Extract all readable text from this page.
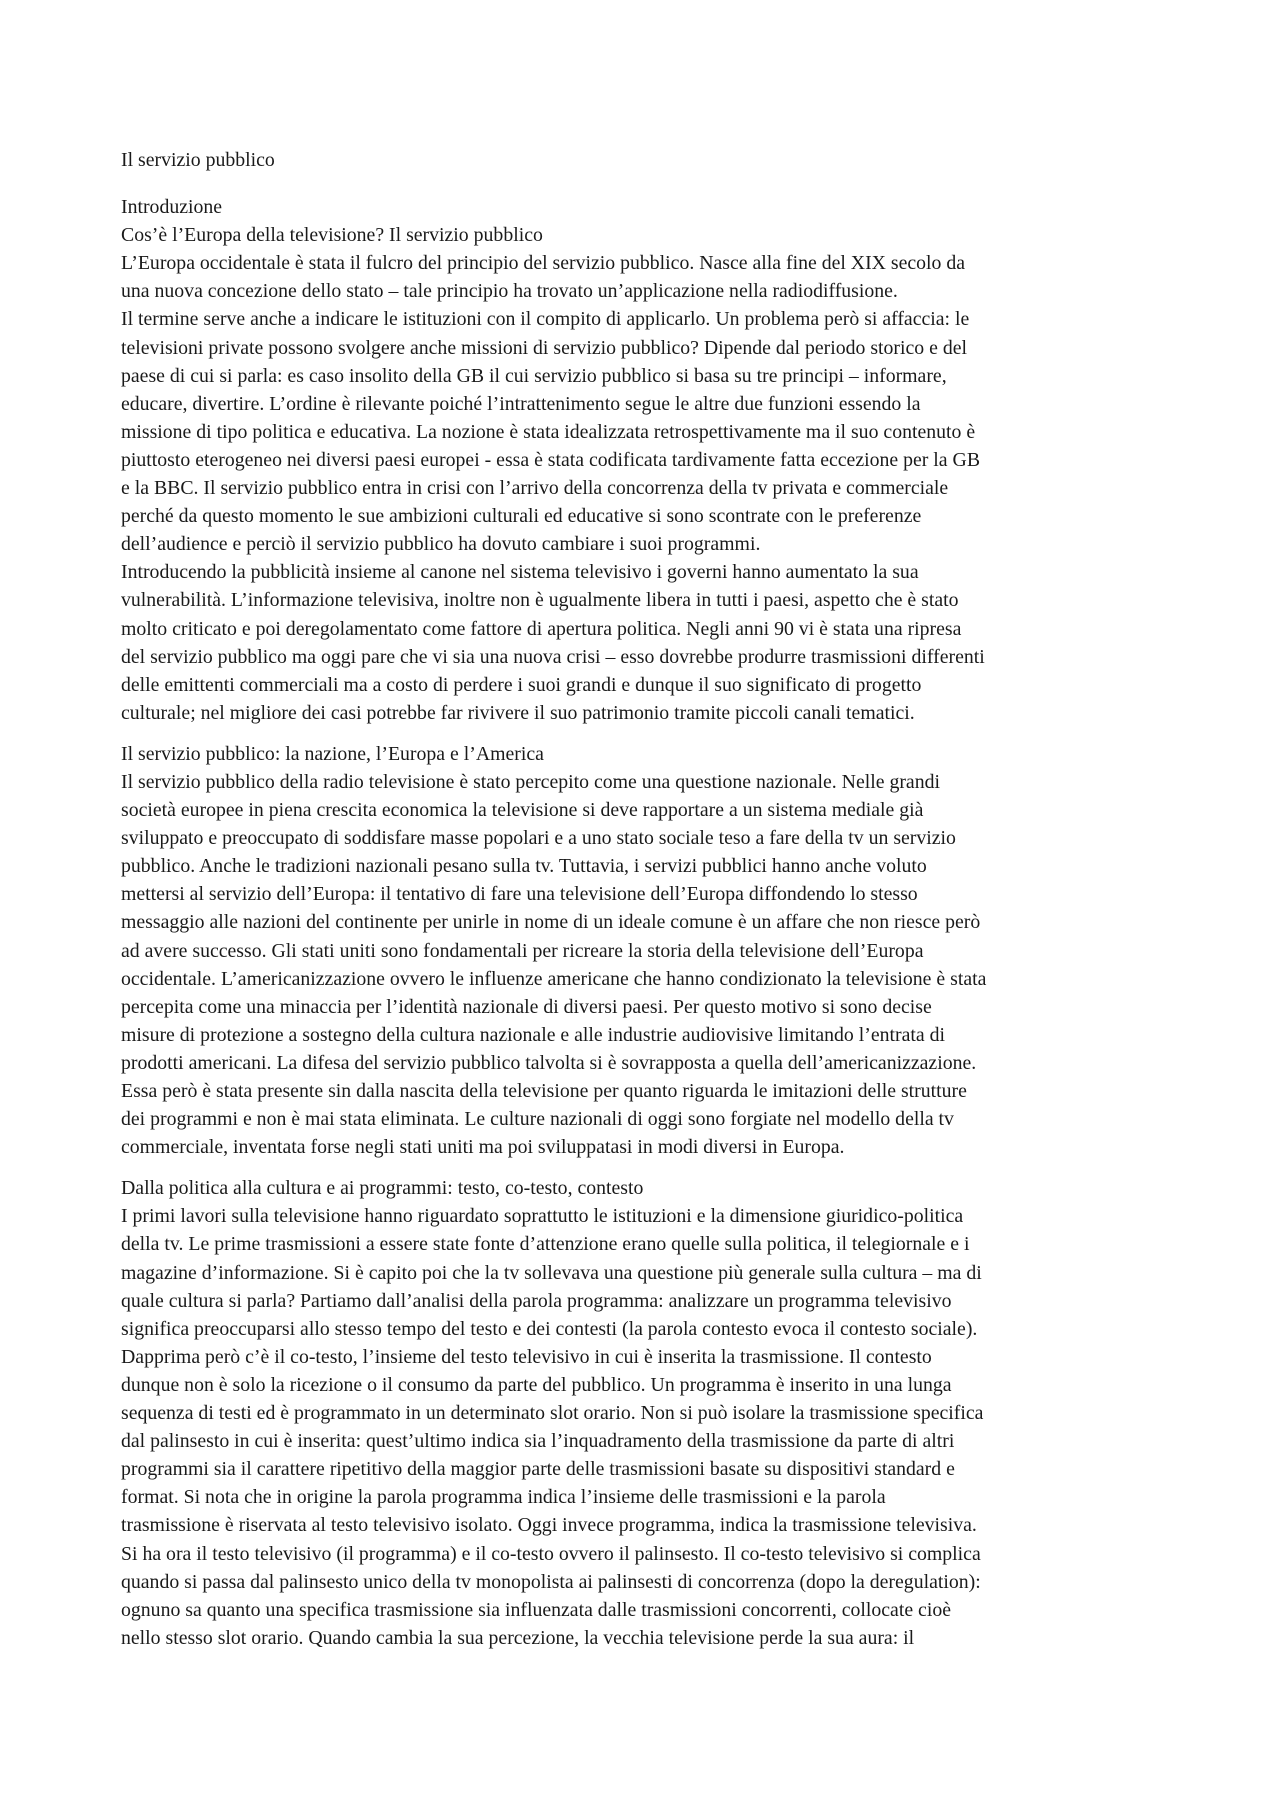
Il servizio pubblico
Introduzione
Cos’è l’Europa della televisione? Il servizio pubblico

L’Europa occidentale è stata il fulcro del principio del servizio pubblico. Nasce alla fine del XIX secolo da
una nuova concezione dello stato – tale principio ha trovato un’applicazione nella radiodiffusione.

Il termine serve anche a indicare le istituzioni con il compito di applicarlo. Un problema però si affaccia: le
televisioni private possono svolgere anche missioni di servizio pubblico? Dipende dal periodo storico e del
paese di cui si parla: es caso insolito della GB il cui servizio pubblico si basa su tre principi – informare,
educare, divertire. L’ordine è rilevante poiché l’intrattenimento segue le altre due funzioni essendo la
missione di tipo politica e educativa. La nozione è stata idealizzata retrospettivamente ma il suo contenuto è
piuttosto eterogeneo nei diversi paesi europei - essa è stata codificata tardivamente fatta eccezione per la GB
e la BBC. Il servizio pubblico entra in crisi con l’arrivo della concorrenza della tv privata e commerciale
perché da questo momento le sue ambizioni culturali ed educative si sono scontrate con le preferenze
dell’audience e perciò il servizio pubblico ha dovuto cambiare i suoi programmi.

Introducendo la pubblicità insieme al canone nel sistema televisivo i governi hanno aumentato la sua
vulnerabilità. L’informazione televisiva, inoltre non è ugualmente libera in tutti i paesi, aspetto che è stato
molto criticato e poi deregolamentato come fattore di apertura politica. Negli anni 90 vi è stata una ripresa
del servizio pubblico ma oggi pare che vi sia una nuova crisi – esso dovrebbe produrre trasmissioni differenti
delle emittenti commerciali ma a costo di perdere i suoi grandi e dunque il suo significato di progetto
culturale; nel migliore dei casi potrebbe far rivivere il suo patrimonio tramite piccoli canali tematici.

Il servizio pubblico: la nazione, l’Europa e l’America

Il servizio pubblico della radio televisione è stato percepito come una questione nazionale. Nelle grandi
società europee in piena crescita economica la televisione si deve rapportare a un sistema mediale già
sviluppato e preoccupato di soddisfare masse popolari e a uno stato sociale teso a fare della tv un servizio
pubblico. Anche le tradizioni nazionali pesano sulla tv. Tuttavia, i servizi pubblici hanno anche voluto
mettersi al servizio dell’Europa: il tentativo di fare una televisione dell’Europa diffondendo lo stesso
messaggio alle nazioni del continente per unirle in nome di un ideale comune è un affare che non riesce però
ad avere successo. Gli stati uniti sono fondamentali per ricreare la storia della televisione dell’Europa
occidentale. L’americanizzazione ovvero le influenze americane che hanno condizionato la televisione è stata
percepita come una minaccia per l’identità nazionale di diversi paesi. Per questo motivo si sono decise
misure di protezione a sostegno della cultura nazionale e alle industrie audiovisive limitando l’entrata di
prodotti americani. La difesa del servizio pubblico talvolta si è sovrapposta a quella dell’americanizzazione.
Essa però è stata presente sin dalla nascita della televisione per quanto riguarda le imitazioni delle strutture
dei programmi e non è mai stata eliminata. Le culture nazionali di oggi sono forgiate nel modello della tv
commerciale, inventata forse negli stati uniti ma poi sviluppatasi in modi diversi in Europa.

Dalla politica alla cultura e ai programmi: testo, co-testo, contesto

I primi lavori sulla televisione hanno riguardato soprattutto le istituzioni e la dimensione giuridico-politica
della tv. Le prime trasmissioni a essere state fonte d’attenzione erano quelle sulla politica, il telegiornale e i
magazine d’informazione. Si è capito poi che la tv sollevava una questione più generale sulla cultura – ma di
quale cultura si parla? Partiamo dall’analisi della parola programma: analizzare un programma televisivo
significa preoccuparsi allo stesso tempo del testo e dei contesti (la parola contesto evoca il contesto sociale).
Dapprima però c’è il co-testo, l’insieme del testo televisivo in cui è inserita la trasmissione. Il contesto
dunque non è solo la ricezione o il consumo da parte del pubblico. Un programma è inserito in una lunga
sequenza di testi ed è programmato in un determinato slot orario. Non si può isolare la trasmissione specifica
dal palinsesto in cui è inserita: quest’ultimo indica sia l’inquadramento della trasmissione da parte di altri
programmi sia il carattere ripetitivo della maggior parte delle trasmissioni basate su dispositivi standard e
format. Si nota che in origine la parola programma indica l’insieme delle trasmissioni e la parola
trasmissione è riservata al testo televisivo isolato. Oggi invece programma, indica la trasmissione televisiva.
Si ha ora il testo televisivo (il programma) e il co-testo ovvero il palinsesto. Il co-testo televisivo si complica
quando si passa dal palinsesto unico della tv monopolista ai palinsesti di concorrenza (dopo la deregulation):
ognuno sa quanto una specifica trasmissione sia influenzata dalle trasmissioni concorrenti, collocate cioè
nello stesso slot orario. Quando cambia la sua percezione, la vecchia televisione perde la sua aura: il
